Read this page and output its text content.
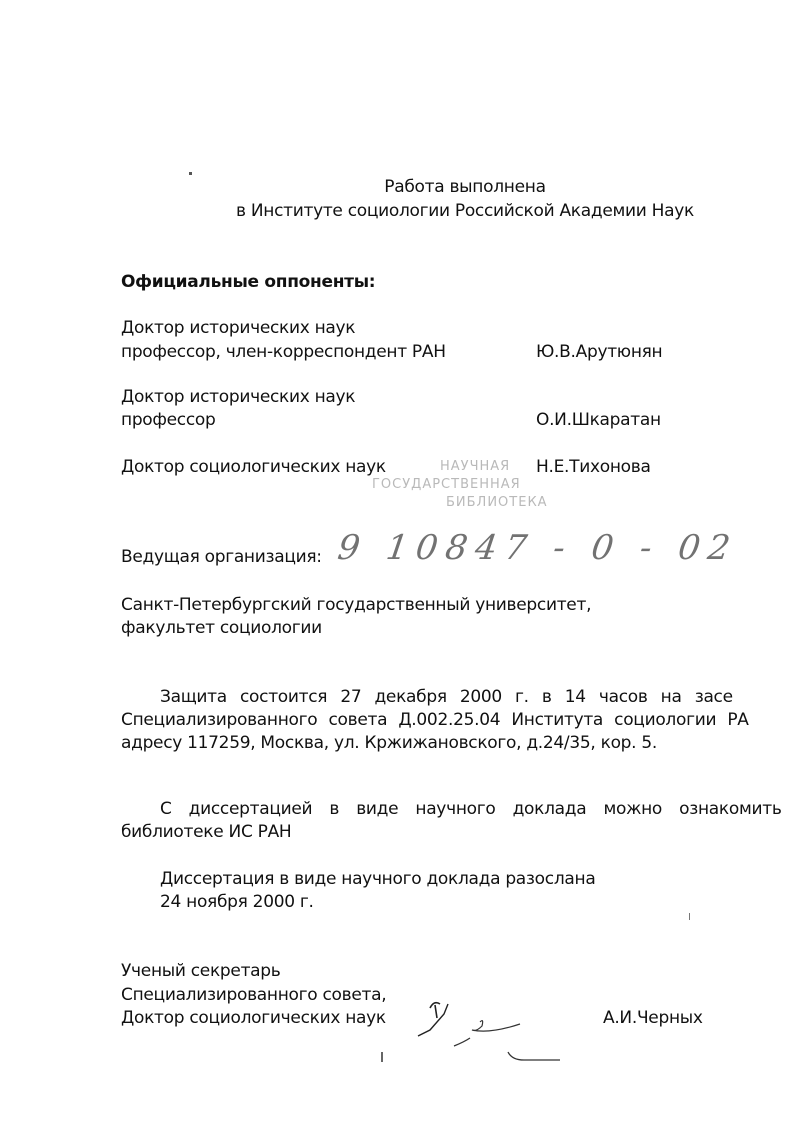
Работа выполнена
в Институте социологии Российской Академии Наук
Официальные оппоненты:
Доктор исторических наук
профессор, член-корреспондент РАН	Ю.В.Арутюнян
Доктор исторических наук
профессор	О.И.Шкаратан
Доктор социологических наук	Н.Е.Тихонова
НАУЧНАЯ
ГОСУДАРСТВЕННАЯ
БИБЛИОТЕКА
Ведущая организация: 9 10847 - 0 - 02
Санкт-Петербургский государственный университет,
факультет социологии
Защита состоится 27 декабря 2000 г. в 14 часов на засе
Специализированного совета Д.002.25.04 Института социологии РА
адресу 117259, Москва, ул. Кржижановского, д.24/35, кор. 5.
С диссертацией в виде научного доклада можно ознакомить
библиотеке ИС РАН
Диссертация в виде научного доклада разослана
24 ноября 2000 г.
Ученый секретарь
Специализированного совета,
Доктор социологических наук	А.И.Черных
